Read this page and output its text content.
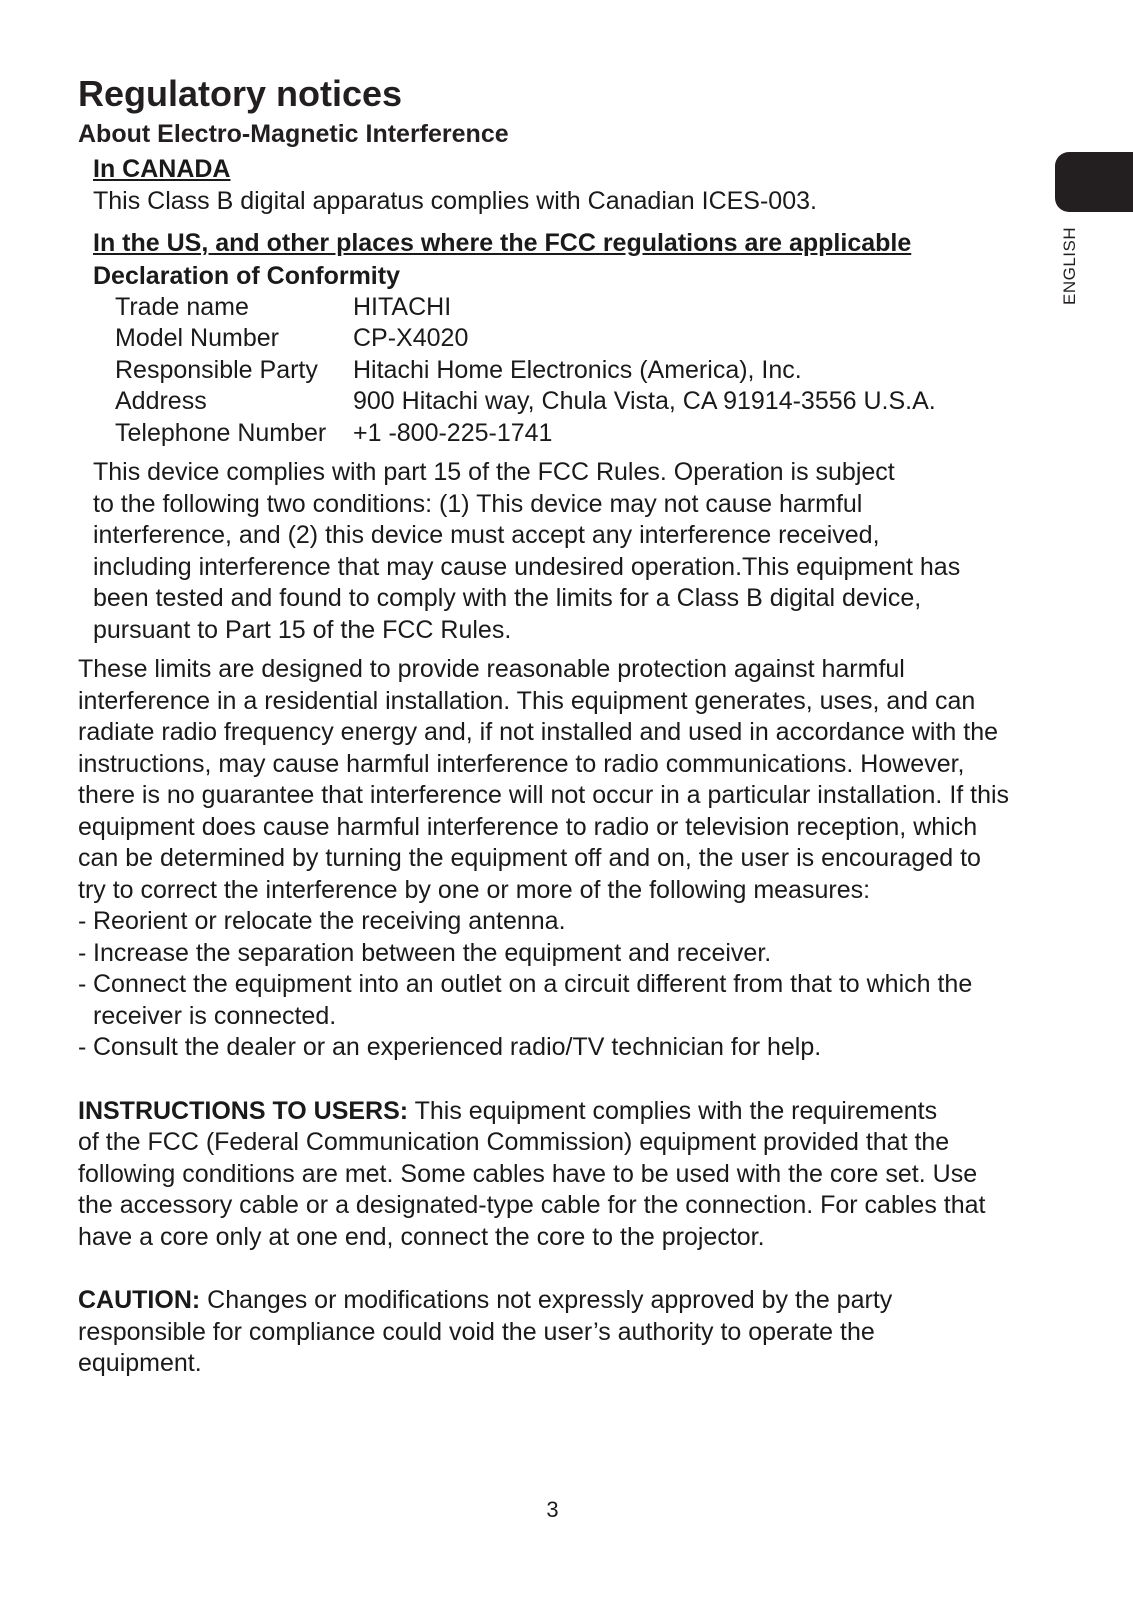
ENGLISH
Regulatory notices
About Electro-Magnetic Interference

In CANADA

This Class B digital apparatus complies with Canadian ICES-003.

In the US, and other places where the FCC regulations are applicable

Declaration of Conformity

Trade name	HITACHI
Model Number	CP-X4020
Responsible Party	Hitachi Home Electronics (America), Inc.
Address	900 Hitachi way, Chula Vista, CA 91914-3556 U.S.A.
Telephone Number	+1 -800-225-1741
This device complies with part 15 of the FCC Rules. Operation is subject
to the following two conditions: (1) This device may not cause harmful
interference, and (2) this device must accept any interference received,
including interference that may cause undesired operation.This equipment has
been tested and found to comply with the limits for a Class B digital device,
pursuant to Part 15 of the FCC Rules.
These limits are designed to provide reasonable protection against harmful
interference in a residential installation. This equipment generates, uses, and can
radiate radio frequency energy and, if not installed and used in accordance with the
instructions, may cause harmful interference to radio communications. However,
there is no guarantee that interference will not occur in a particular installation. If this
equipment does cause harmful interference to radio or television reception, which
can be determined by turning the equipment off and on, the user is encouraged to
try to correct the interference by one or more of the following measures:
- Reorient or relocate the receiving antenna.
- Increase the separation between the equipment and receiver.
- Connect the equipment into an outlet on a circuit different from that to which the
receiver is connected.
- Consult the dealer or an experienced radio/TV technician for help.
INSTRUCTIONS TO USERS: This equipment complies with the requirements
of the FCC (Federal Communication Commission) equipment provided that the
following conditions are met. Some cables have to be used with the core set. Use
the accessory cable or a designated-type cable for the connection. For cables that
have a core only at one end, connect the core to the projector.
CAUTION: Changes or modifications not expressly approved by the party
responsible for compliance could void the user’s authority to operate the
equipment.
3
